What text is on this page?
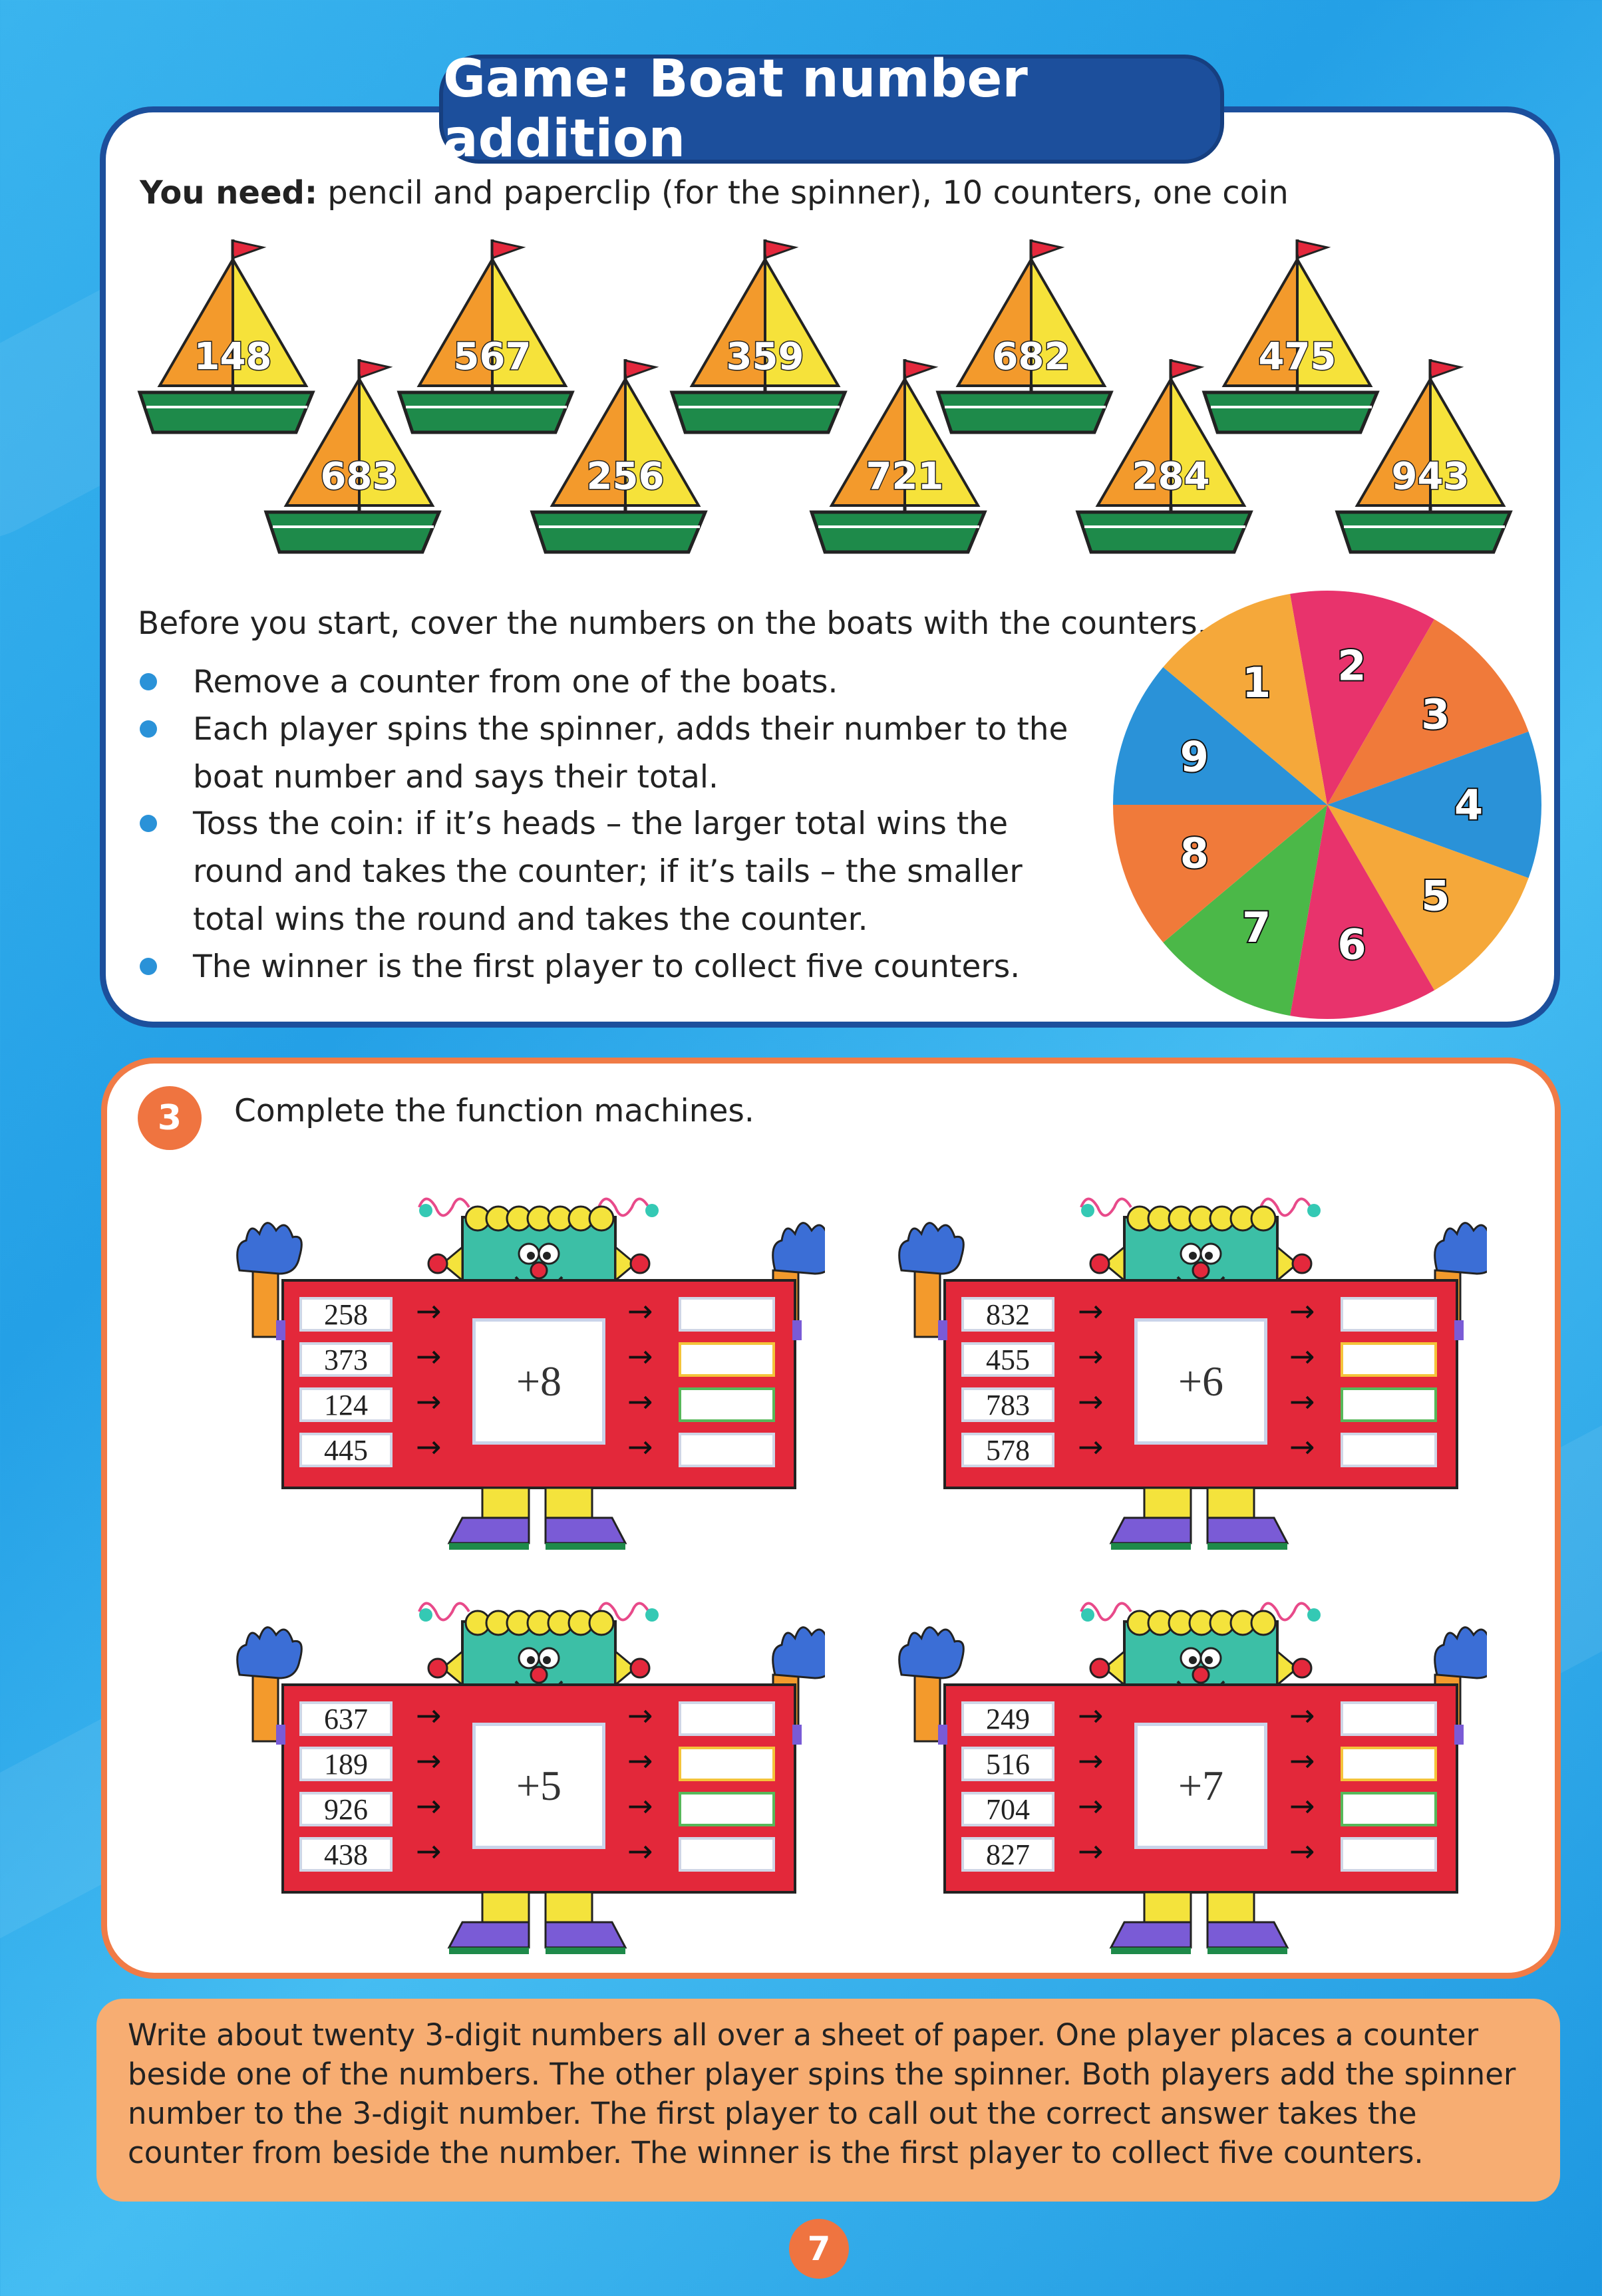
Game: Boat number addition
You need: pencil and paperclip (for the spinner), 10 counters, one coin
148
683
567
256
359
721
682
284
475
943
Before you start, cover the numbers on the boats with the counters.
Remove a counter from one of the boats.
Each player spins the spinner, adds their number to the boat number and says their total.
Toss the coin: if it’s heads – the larger total wins the round and takes the counter; if it’s tails – the smaller total wins the round and takes the counter.
The winner is the first player to collect five counters.
1 2
3
4
5
6
7
8
9
3	Complete the function machines.
258	→	→
373	→	→
124	→	→
445	→	→
+8
832	→	→
455	→	→
783	→	→
578	→	→
+6
637	→	→
189	→	→
926	→	→
438	→	→
+5
249	→	→
516	→	→
704	→	→
827	→	→
+7
Write about twenty 3-digit numbers all over a sheet of paper. One player places a counter beside one of the numbers. The other player spins the spinner. Both players add the spinner number to the 3-digit number. The first player to call out the correct answer takes the counter from beside the number. The winner is the first player to collect five counters.
7
